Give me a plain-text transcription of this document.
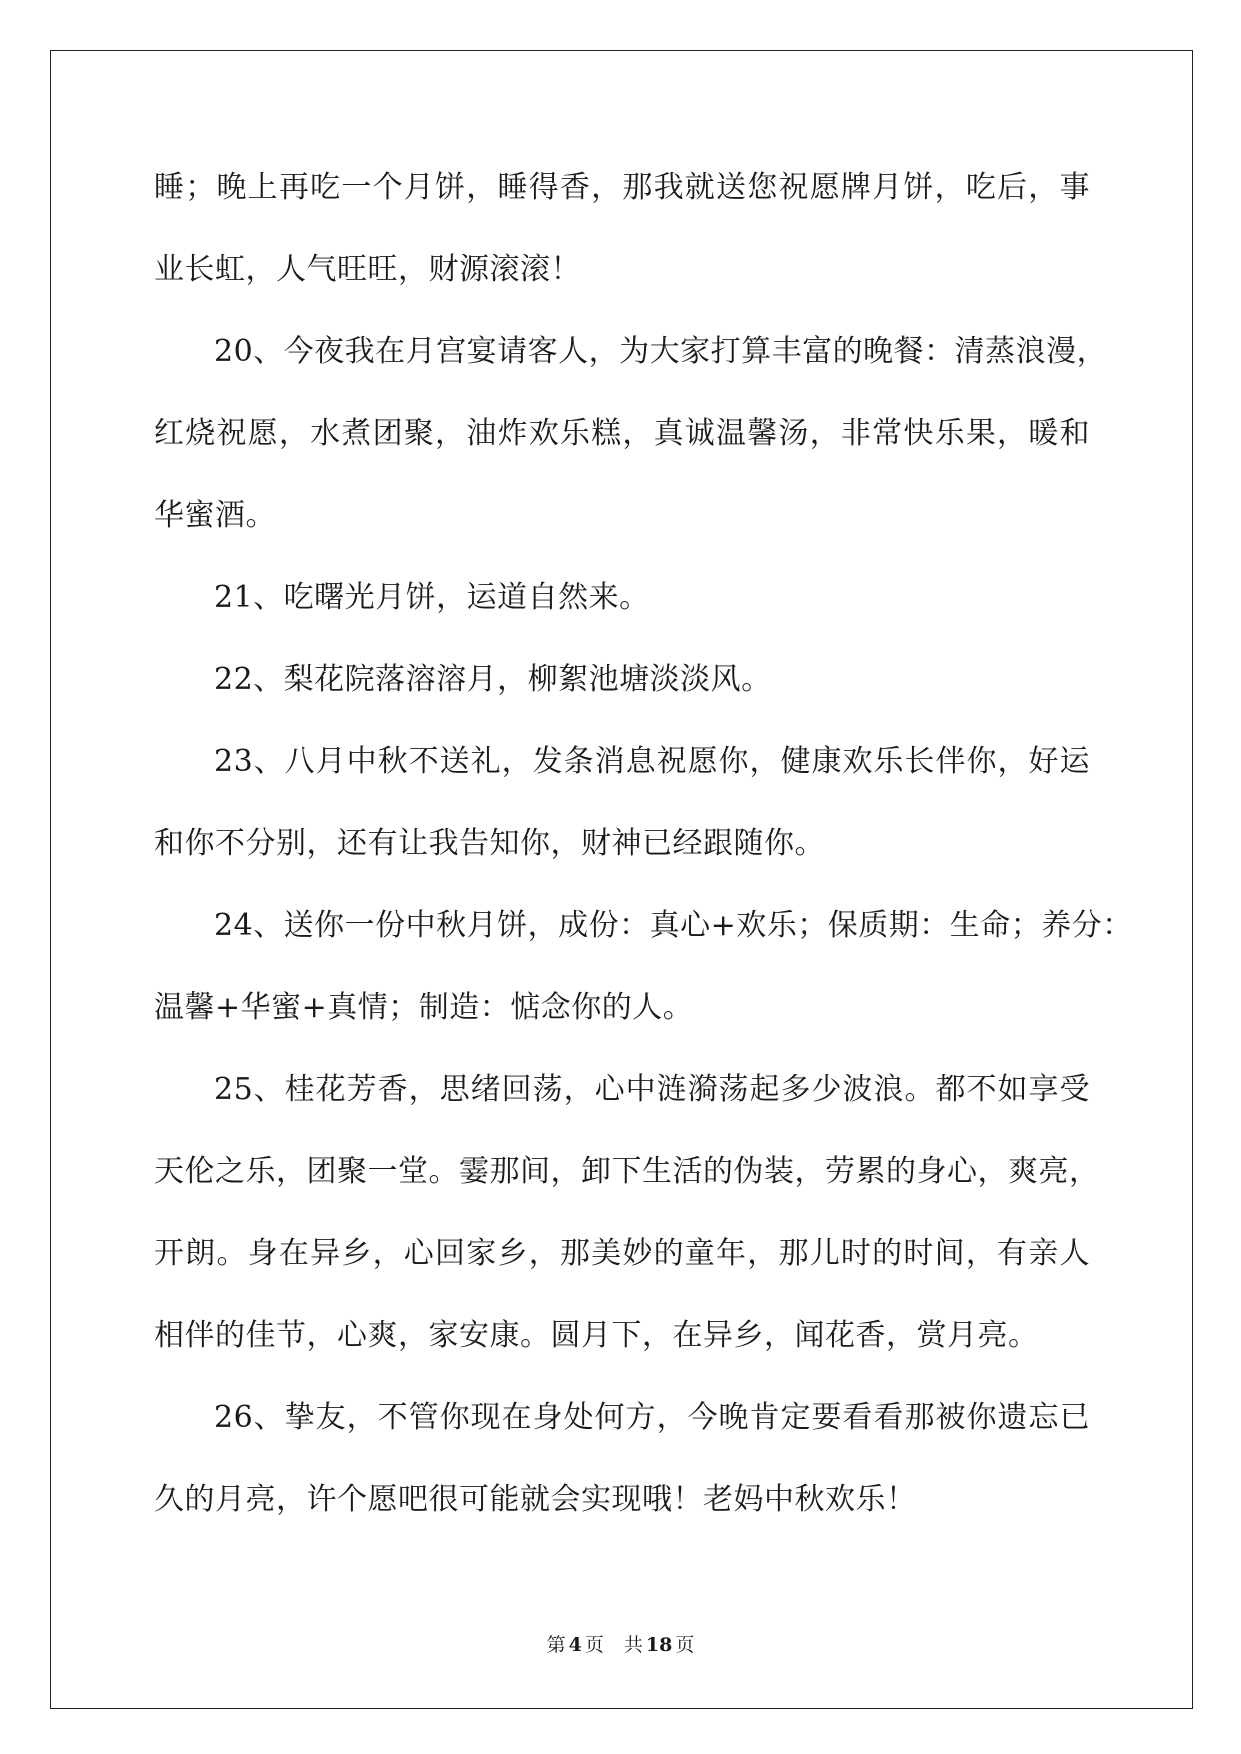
睡；晚上再吃一个月饼，睡得香，那我就送您祝愿牌月饼，吃后，事
业长虹，人气旺旺，财源滚滚！
20、今夜我在月宫宴请客人，为大家打算丰富的晚餐：清蒸浪漫，
红烧祝愿，水煮团聚，油炸欢乐糕，真诚温馨汤，非常快乐果，暖和
华蜜酒。
21、吃曙光月饼，运道自然来。
22、梨花院落溶溶月，柳絮池塘淡淡风。
23、八月中秋不送礼，发条消息祝愿你，健康欢乐长伴你，好运
和你不分别，还有让我告知你，财神已经跟随你。
24、送你一份中秋月饼，成份：真心+欢乐；保质期：生命；养分：
温馨+华蜜+真情；制造：惦念你的人。
25、桂花芳香，思绪回荡，心中涟漪荡起多少波浪。都不如享受
天伦之乐，团聚一堂。霎那间，卸下生活的伪装，劳累的身心，爽亮，
开朗。身在异乡，心回家乡，那美妙的童年，那儿时的时间，有亲人
相伴的佳节，心爽，家安康。圆月下，在异乡，闻花香，赏月亮。
26、挚友，不管你现在身处何方，今晚肯定要看看那被你遗忘已
久的月亮，许个愿吧很可能就会实现哦！老妈中秋欢乐！
第 4 页 共 18 页
